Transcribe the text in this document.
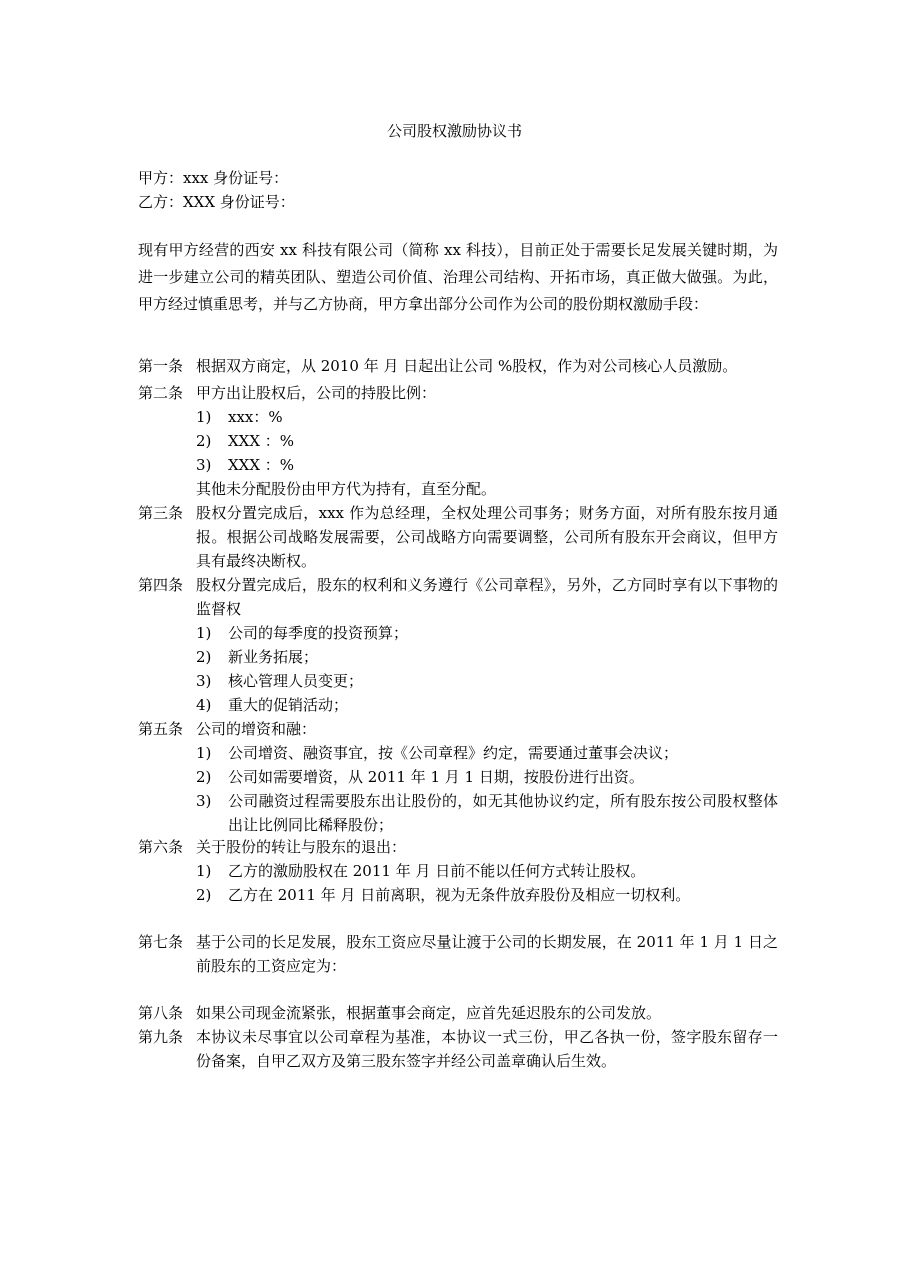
公司股权激励协议书
甲方：xxx 身份证号：
乙方：XXX 身份证号：
现有甲方经营的西安 xx 科技有限公司（简称 xx 科技），目前正处于需要长足发展关键时期，为进一步建立公司的精英团队、塑造公司价值、治理公司结构、开拓市场，真正做大做强。为此，甲方经过慎重思考，并与乙方协商，甲方拿出部分公司作为公司的股份期权激励手段：
第一条 根据双方商定，从 2010 年 月 日起出让公司 %股权，作为对公司核心人员激励。
第二条 甲方出让股权后，公司的持股比例：
1)	xxx：%
2)	XXX ：%
3)	XXX ：%
其他未分配股份由甲方代为持有，直至分配。
第三条 股权分置完成后，xxx 作为总经理，全权处理公司事务；财务方面，对所有股东按月通报。根据公司战略发展需要，公司战略方向需要调整，公司所有股东开会商议，但甲方具有最终决断权。
第四条 股权分置完成后，股东的权利和义务遵行《公司章程》，另外，乙方同时享有以下事物的监督权
1)	公司的每季度的投资预算；
2)	新业务拓展；
3)	核心管理人员变更；
4)	重大的促销活动；
第五条 公司的增资和融：
1)	公司增资、融资事宜，按《公司章程》约定，需要通过董事会决议；
2)	公司如需要增资，从 2011 年 1 月 1 日期，按股份进行出资。
3)	公司融资过程需要股东出让股份的，如无其他协议约定，所有股东按公司股权整体出让比例同比稀释股份；
第六条 关于股份的转让与股东的退出：
1)	乙方的激励股权在 2011 年 月 日前不能以任何方式转让股权。
2)	乙方在 2011 年 月 日前离职，视为无条件放弃股份及相应一切权利。
第七条 基于公司的长足发展，股东工资应尽量让渡于公司的长期发展，在 2011 年 1 月 1 日之前股东的工资应定为：
第八条 如果公司现金流紧张，根据董事会商定，应首先延迟股东的公司发放。
第九条 本协议未尽事宜以公司章程为基准，本协议一式三份，甲乙各执一份，签字股东留存一份备案，自甲乙双方及第三股东签字并经公司盖章确认后生效。
